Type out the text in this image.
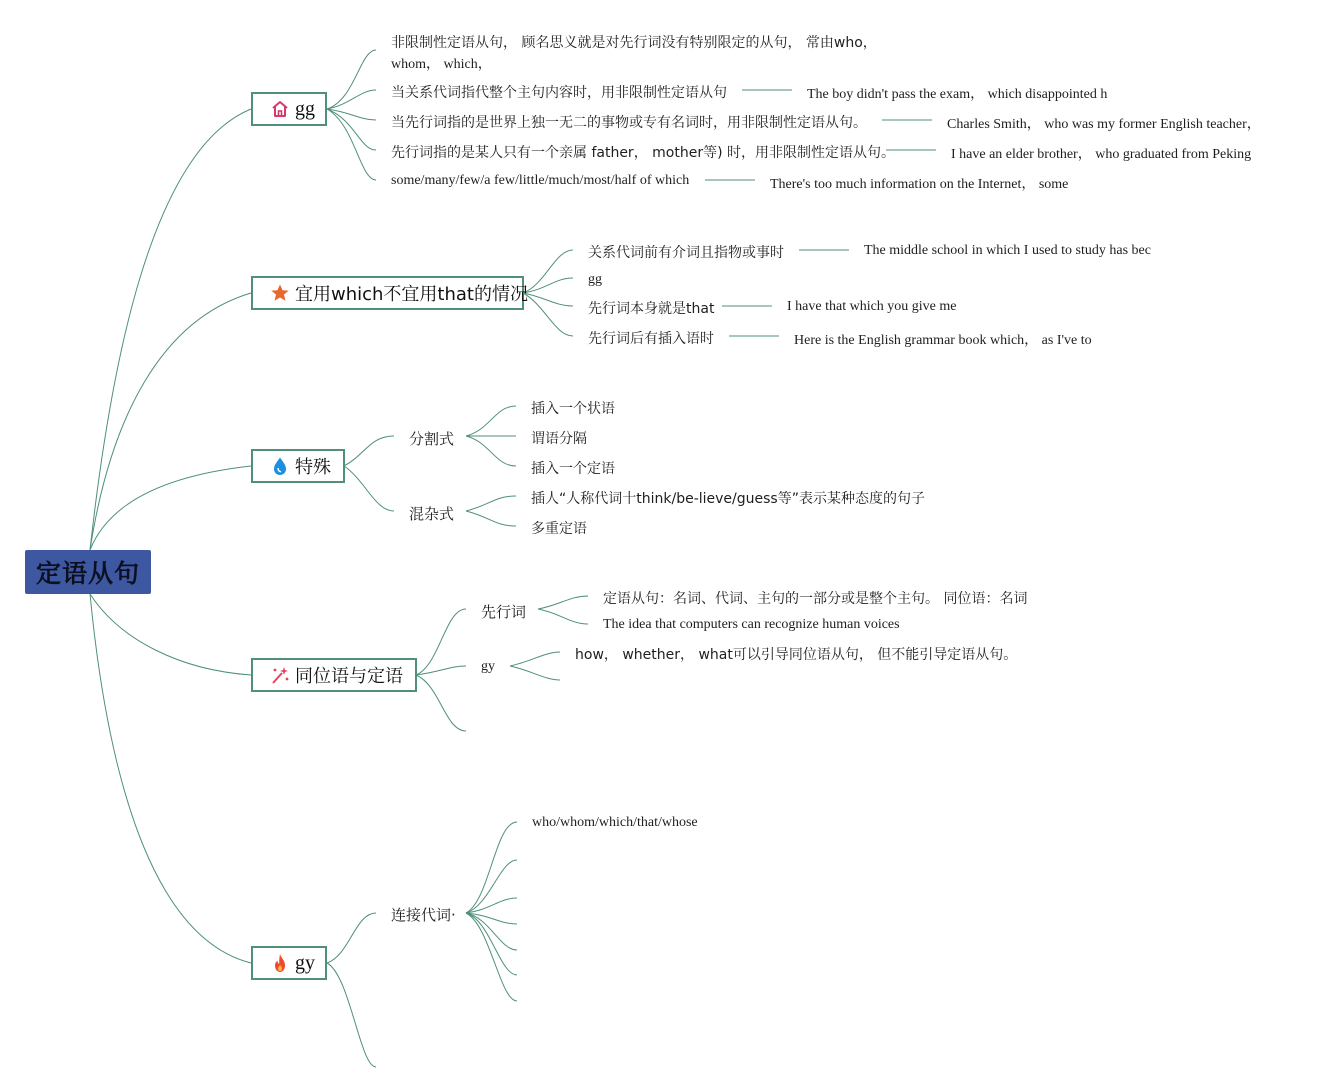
定语从句
gg
非限制性定语从句， 顾名思义就是对先行词没有特别限定的从句， 常由who，
whom， which，
当关系代词指代整个主句内容时，用非限制性定语从句	The boy didn't pass the exam， which disappointed h
当先行词指的是世界上独一无二的事物或专有名词时，用非限制性定语从句。	Charles Smith， who was my former English teacher，
先行词指的是某人只有一个亲属 father， mother等) 时，用非限制性定语从句。	I have an elder brother， who graduated from Peking
some/many/few/a few/little/much/most/half of which	There's too much information on the Internet， some
宜用which不宜用that的情况
关系代词前有介词且指物或事时	The middle school in which I used to study has bec
gg
先行词本身就是that	I have that which you give me
先行词后有插入语时	Here is the English grammar book which， as I've to
特殊
分割式
插入一个状语
谓语分隔
插入一个定语
混杂式
插人“人称代词十think/be-lieve/guess等”表示某种态度的句子
多重定语
同位语与定语
先行词
定语从句：名词、代词、主句的一部分或是整个主句。 同位语：名词
The idea that computers can recognize human voices
gy
how， whether， what可以引导同位语从句， 但不能引导定语从句。
gy
连接代词·
who/whom/which/that/whose
